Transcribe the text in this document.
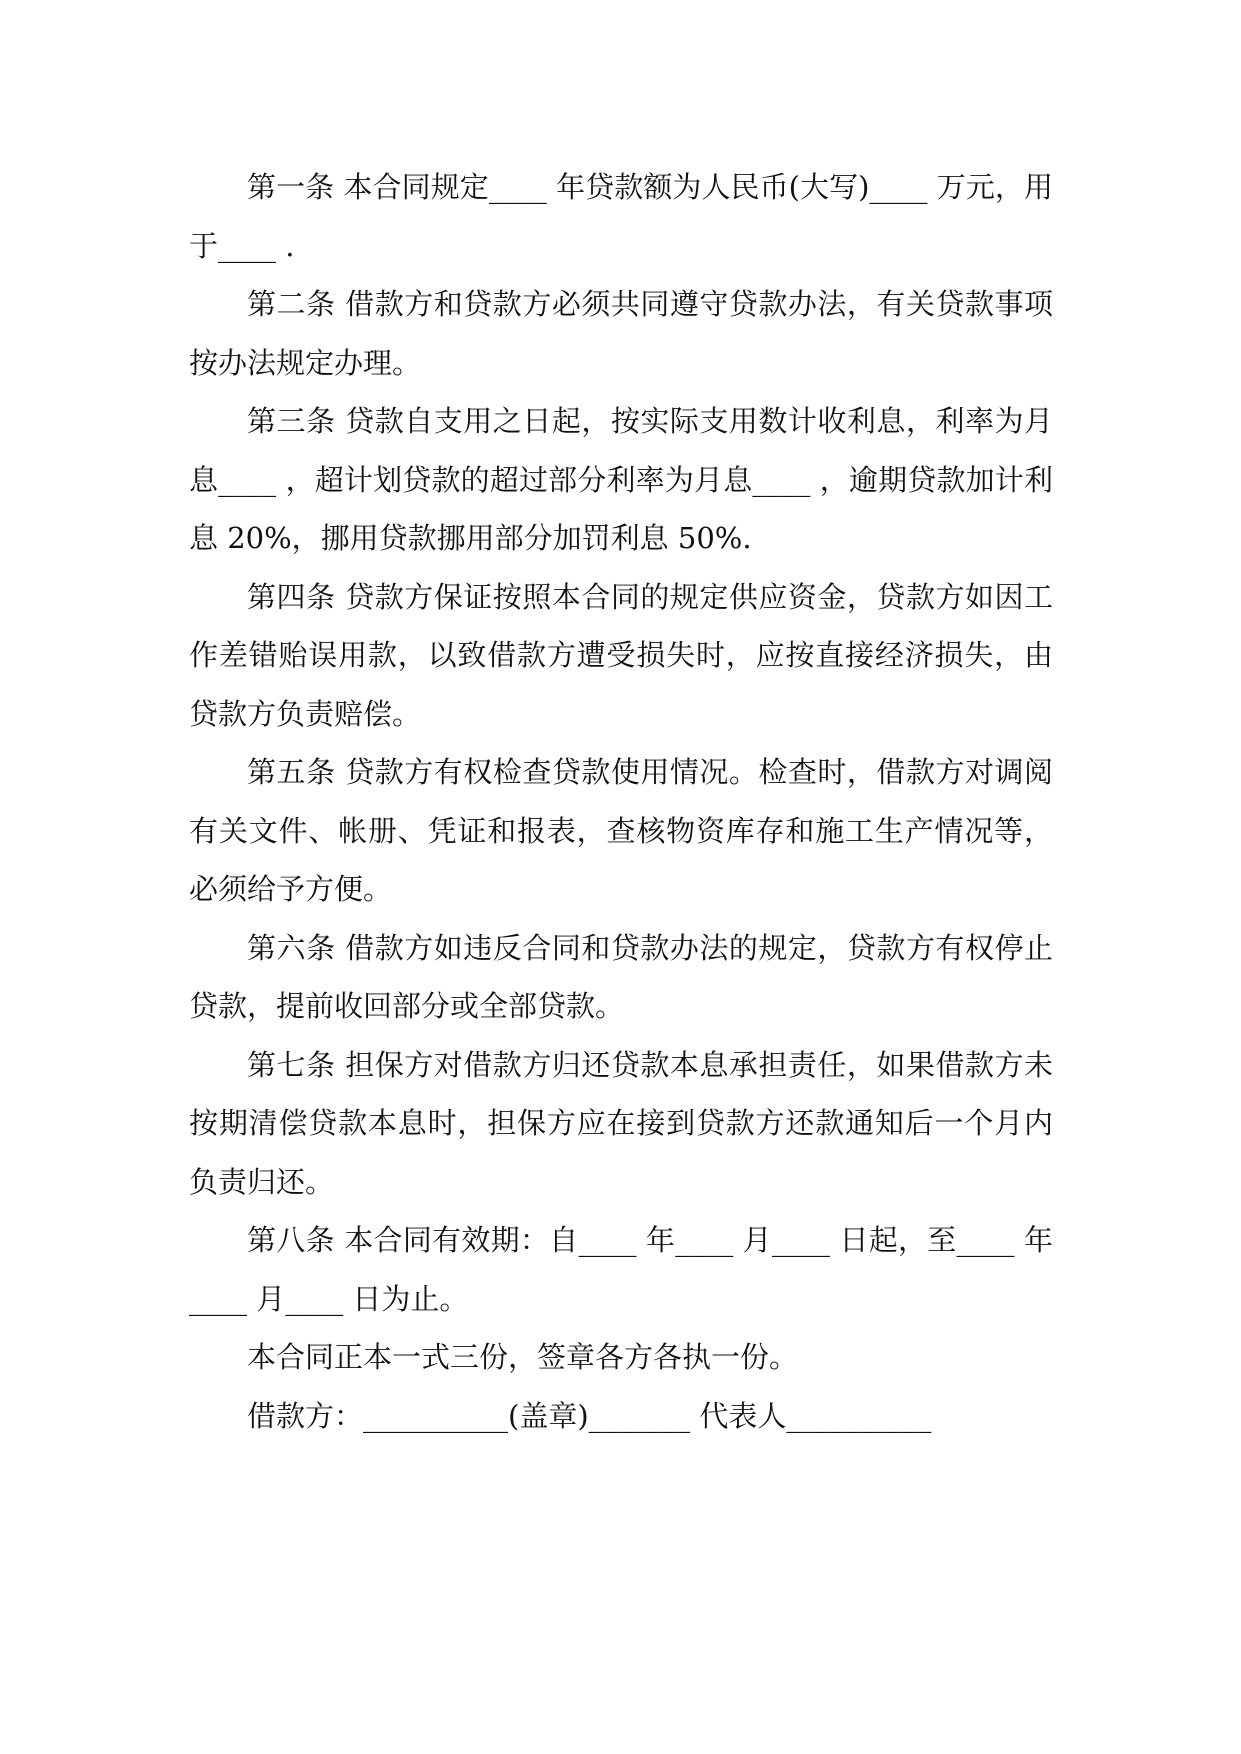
第一条 本合同规定____ 年贷款额为人民币(大写)____ 万元，用于____ .

第二条 借款方和贷款方必须共同遵守贷款办法，有关贷款事项按办法规定办理。

第三条 贷款自支用之日起，按实际支用数计收利息，利率为月息____ ，超计划贷款的超过部分利率为月息____ ，逾期贷款加计利息 20%，挪用贷款挪用部分加罚利息 50%.

第四条 贷款方保证按照本合同的规定供应资金，贷款方如因工作差错贻误用款，以致借款方遭受损失时，应按直接经济损失，由贷款方负责赔偿。

第五条 贷款方有权检查贷款使用情况。检查时，借款方对调阅有关文件、帐册、凭证和报表，查核物资库存和施工生产情况等，必须给予方便。

第六条 借款方如违反合同和贷款办法的规定，贷款方有权停止贷款，提前收回部分或全部贷款。

第七条 担保方对借款方归还贷款本息承担责任，如果借款方未按期清偿贷款本息时，担保方应在接到贷款方还款通知后一个月内负责归还。

第八条 本合同有效期：自____ 年____ 月____ 日起，至____ 年____ 月____ 日为止。

本合同正本一式三份，签章各方各执一份。

借款方：__________(盖章)_______ 代表人__________
